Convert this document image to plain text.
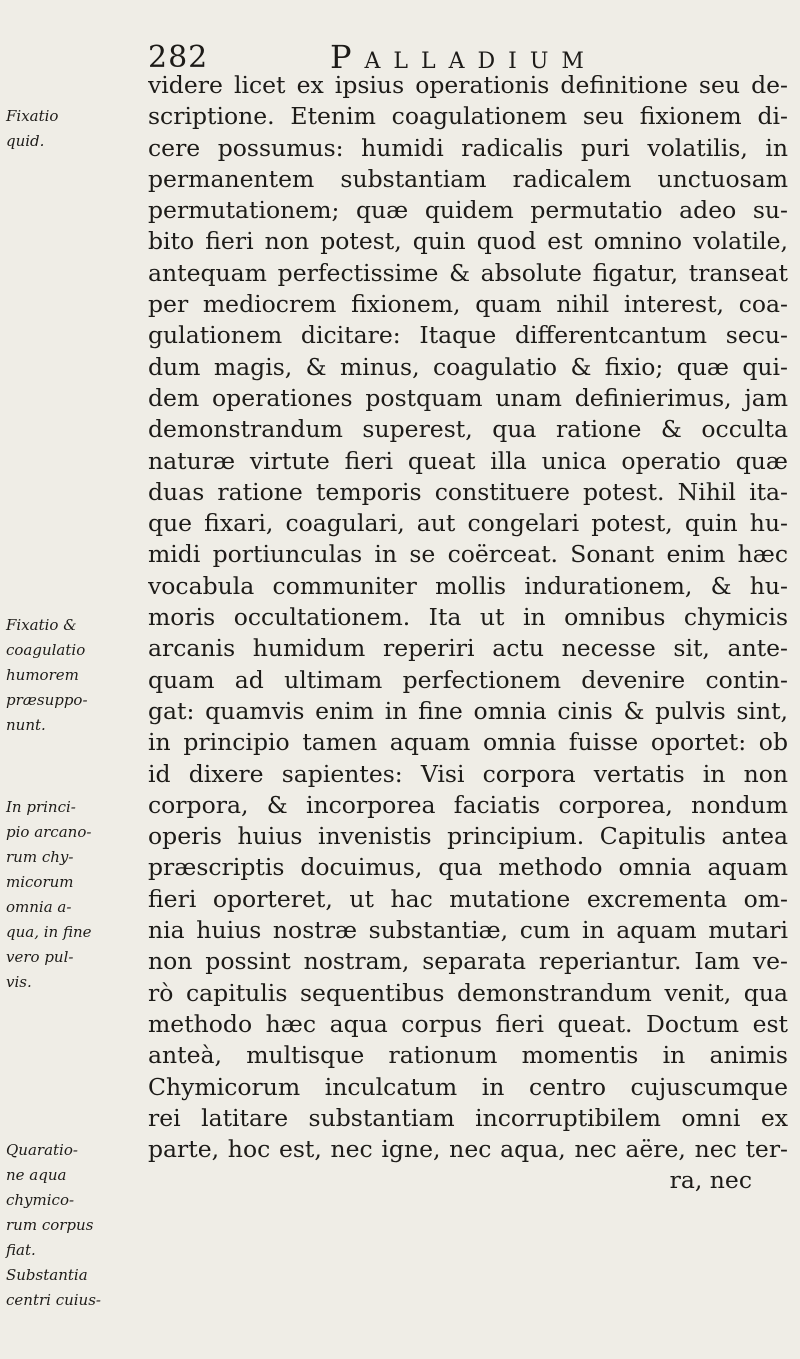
282	Palladium
Fixatio
quid.
Fixatio &
coagulatio
humorem
præsuppo-
nunt.
In princi-
pio arcano-
rum chy-
micorum
omnia a-
qua, in fine
vero pul-
vis.
Quaratio-
ne aqua
chymico-
rum corpus
fiat.
Substantia
centri cuius-
videre licet ex ipsius operationis definitione seu de-
scriptione. Etenim coagulationem seu fixionem di-
cere possumus: humidi radicalis puri volatilis, in
permanentem substantiam radicalem unctuosam
permutationem; quæ quidem permutatio adeo su-
bito fieri non potest, quin quod est omnino volatile,
antequam perfectissime & absolute figatur, transeat
per mediocrem fixionem, quam nihil interest, coa-
gulationem dicitare: Itaque differentcantum secu-
dum magis, & minus, coagulatio & fixio; quæ qui-
dem operationes postquam unam definierimus, jam
demonstrandum superest, qua ratione & occulta
naturæ virtute fieri queat illa unica operatio quæ
duas ratione temporis constituere potest. Nihil ita-
que fixari, coagulari, aut congelari potest, quin hu-
midi portiunculas in se coërceat. Sonant enim hæc
vocabula communiter mollis indurationem, & hu-
moris occultationem. Ita ut in omnibus chymicis
arcanis humidum reperiri actu necesse sit, ante-
quam ad ultimam perfectionem devenire contin-
gat: quamvis enim in fine omnia cinis & pulvis sint,
in principio tamen aquam omnia fuisse oportet: ob
id dixere sapientes: Visi corpora vertatis in non
corpora, & incorporea faciatis corporea, nondum
operis huius invenistis principium. Capitulis antea
præscriptis docuimus, qua methodo omnia aquam
fieri oporteret, ut hac mutatione excrementa om-
nia huius nostræ substantiæ, cum in aquam mutari
non possint nostram, separata reperiantur. Iam ve-
rò capitulis sequentibus demonstrandum venit, qua
methodo hæc aqua corpus fieri queat. Doctum est
anteà, multisque rationum momentis in animis
Chymicorum inculcatum in centro cujuscumque
rei latitare substantiam incorruptibilem omni ex
parte, hoc est, nec igne, nec aqua, nec aëre, nec ter-
ra, nec
